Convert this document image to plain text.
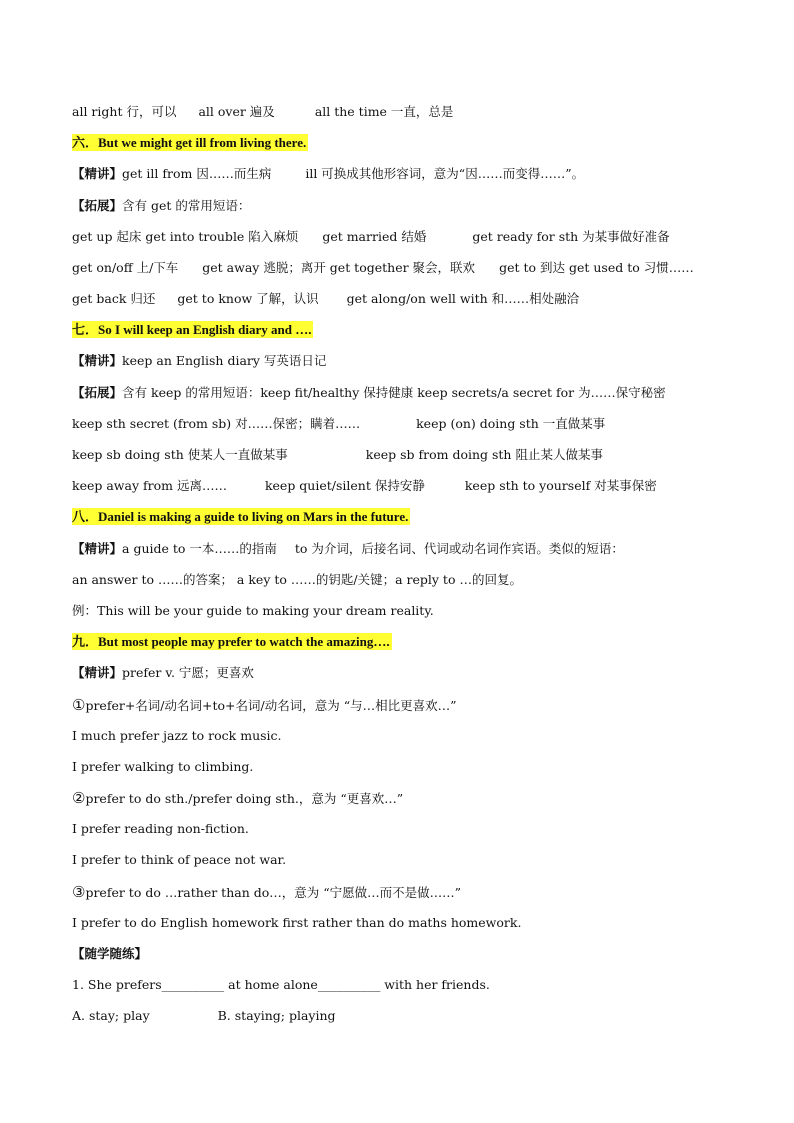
all right 行，可以 all over 遍及	all the time 一直，总是
六．But we might get ill from living there.
【精讲】get ill from 因……而生病	ill 可换成其他形容词，意为“因……而变得……”。
【拓展】含有 get 的常用短语：
get up 起床 get into trouble 陷入麻烦 get married 结婚	get ready for sth 为某事做好准备
get on/off 上/下车 get away 逃脱；离开 get together 聚会，联欢 get to 到达 get used to 习惯……
get back 归还 get to know 了解，认识 get along/on well with 和……相处融洽
七．So I will keep an English diary and ….
【精讲】keep an English diary 写英语日记
【拓展】含有 keep 的常用短语：keep fit/healthy 保持健康 keep secrets/a secret for 为……保守秘密
keep sth secret (from sb) 对……保密；瞒着……	keep (on) doing sth 一直做某事
keep sb doing sth 使某人一直做某事	keep sb from doing sth 阻止某人做某事
keep away from 远离……	keep quiet/silent 保持安静	keep sth to yourself 对某事保密
八．Daniel is making a guide to living on Mars in the future.
【精讲】a guide to 一本……的指南 to 为介词，后接名词、代词或动名词作宾语。类似的短语：
an answer to ……的答案； a key to ……的钥匙/关键；a reply to …的回复。
例：This will be your guide to making your dream reality.
九．But most people may prefer to watch the amazing….
【精讲】prefer v. 宁愿；更喜欢
①prefer+名词/动名词+to+名词/动名词，意为 “与…相比更喜欢…”
I much prefer jazz to rock music.
I prefer walking to climbing.
②prefer to do sth./prefer doing sth.，意为 “更喜欢…”
I prefer reading non-fiction.
I prefer to think of peace not war.
③prefer to do …rather than do…，意为 “宁愿做…而不是做……”
I prefer to do English homework first rather than do maths homework.
【随学随练】
1. She prefers__________ at home alone__________ with her friends.
A. stay; play	B. staying; playing
